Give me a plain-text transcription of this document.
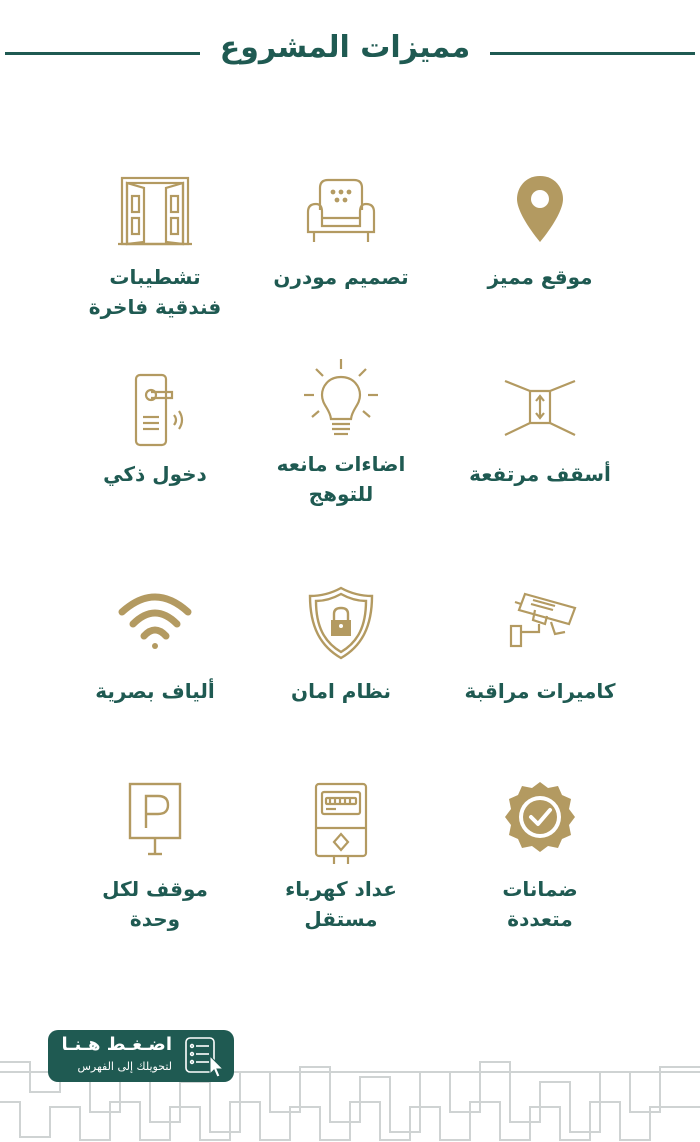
مميزات المشروع
تشطيبات
فندقية فاخرة
تصميم مودرن	موقع مميز
دخول ذكي	اضاءات مانعه
للتوهج
أسقف مرتفعة
ألياف بصرية	نظام امان	كاميرات مراقبة
موقف لكل
وحدة
عداد كهرباء
مستقل
ضمانات
متعددة
اضـغـط هـنـا
لتحويلك إلى الفهرس
